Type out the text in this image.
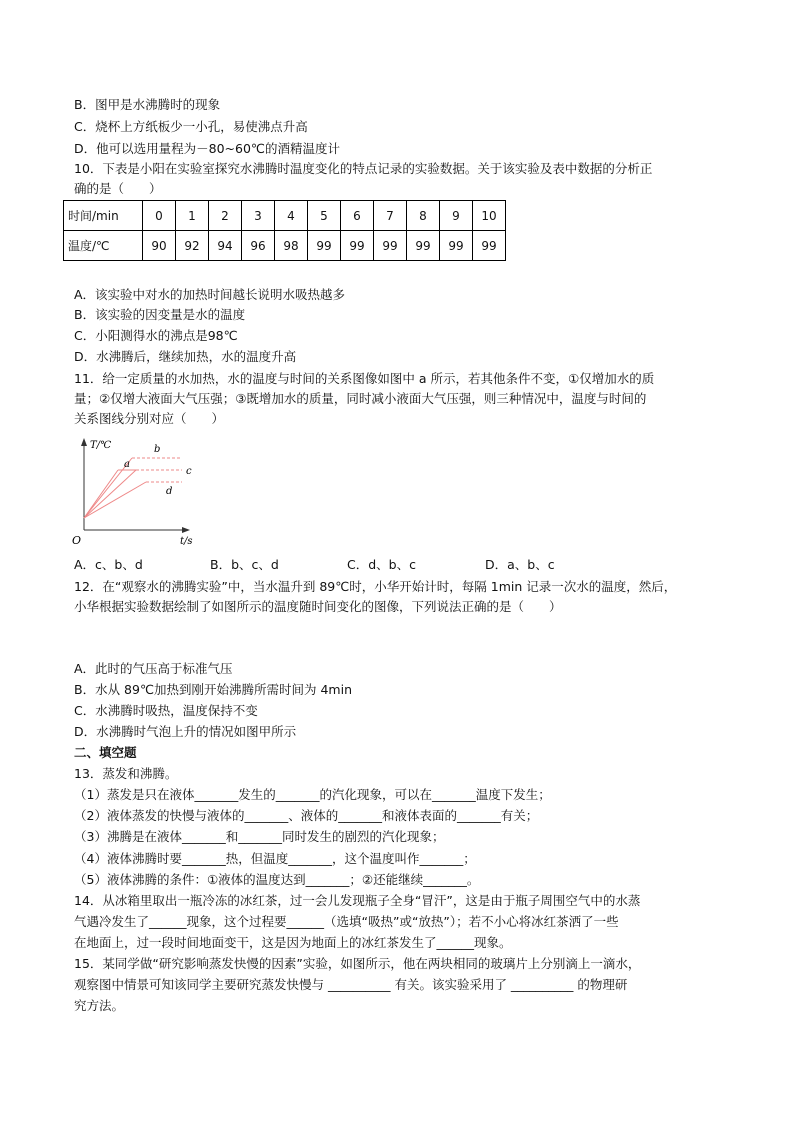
B．图甲是水沸腾时的现象
C．烧杯上方纸板少一小孔，易使沸点升高
D．他可以选用量程为－80~60℃的酒精温度计
10．下表是小阳在实验室探究水沸腾时温度变化的特点记录的实验数据。关于该实验及表中数据的分析正
确的是（　　）
时间/min	0	1	2	3	4	5	6	7	8	9	10
温度/℃	90	92	94	96	98	99	99	99	99	99	99
A．该实验中对水的加热时间越长说明水吸热越多
B．该实验的因变量是水的温度
C．小阳测得水的沸点是98℃
D．水沸腾后，继续加热，水的温度升高
11．给一定质量的水加热，水的温度与时间的关系图像如图中 a 所示，若其他条件不变，①仅增加水的质
量；②仅增大液面大气压强；③既增加水的质量，同时减小液面大气压强，则三种情况中，温度与时间的
关系图线分别对应（　　）
T/℃
t/s
O
b
a
c
d
A．c、b、d	B．b、c、d	C．d、b、c	D．a、b、c
12．在“观察水的沸腾实验”中，当水温升到 89℃时，小华开始计时，每隔 1min 记录一次水的温度，然后，
小华根据实验数据绘制了如图所示的温度随时间变化的图像，下列说法正确的是（　　）
A．此时的气压高于标准气压
B．水从 89℃加热到刚开始沸腾所需时间为 4min
C．水沸腾时吸热，温度保持不变
D．水沸腾时气泡上升的情况如图甲所示
二、填空题
13．蒸发和沸腾。
（1）蒸发是只在液体_______发生的_______的汽化现象，可以在_______温度下发生；
（2）液体蒸发的快慢与液体的_______、液体的_______和液体表面的_______有关；
（3）沸腾是在液体_______和_______同时发生的剧烈的汽化现象；
（4）液体沸腾时要_______热，但温度_______，这个温度叫作_______；
（5）液体沸腾的条件：①液体的温度达到_______；②还能继续_______。
14．从冰箱里取出一瓶冷冻的冰红茶，过一会儿发现瓶子全身“冒汗”，这是由于瓶子周围空气中的水蒸
气遇冷发生了______现象，这个过程要______（选填“吸热”或“放热”）；若不小心将冰红茶洒了一些
在地面上，过一段时间地面变干，这是因为地面上的冰红茶发生了______现象。
15．某同学做“研究影响蒸发快慢的因素”实验，如图所示，他在两块相同的玻璃片上分别滴上一滴水，
观察图中情景可知该同学主要研究蒸发快慢与 __________ 有关。该实验采用了 __________ 的物理研
究方法。
